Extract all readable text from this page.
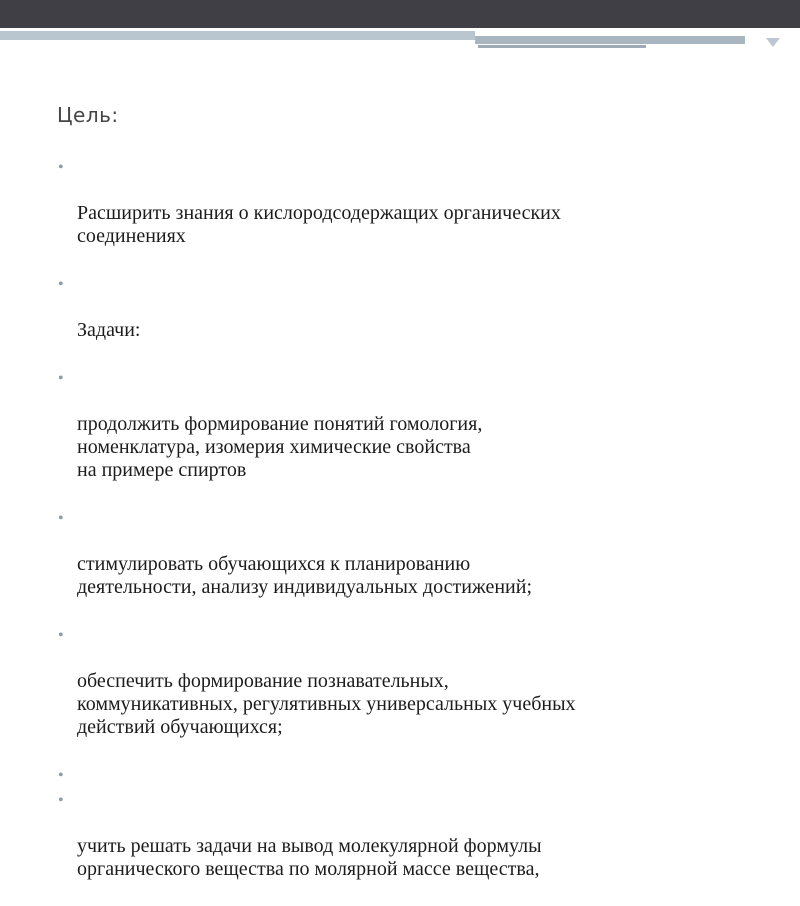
Цель:

•

Расширить знания о кислородсодержащих органических
соединениях

•

Задачи:

•

продолжить формирование понятий гомология,
номенклатура, изомерия химические свойства
на примере спиртов

•

стимулировать обучающихся к планированию
деятельности, анализу индивидуальных достижений;

•

обеспечить формирование познавательных,
коммуникативных, регулятивных универсальных учебных
действий обучающихся;

•

•

учить решать задачи на вывод молекулярной формулы
органического вещества по молярной массе вещества,
